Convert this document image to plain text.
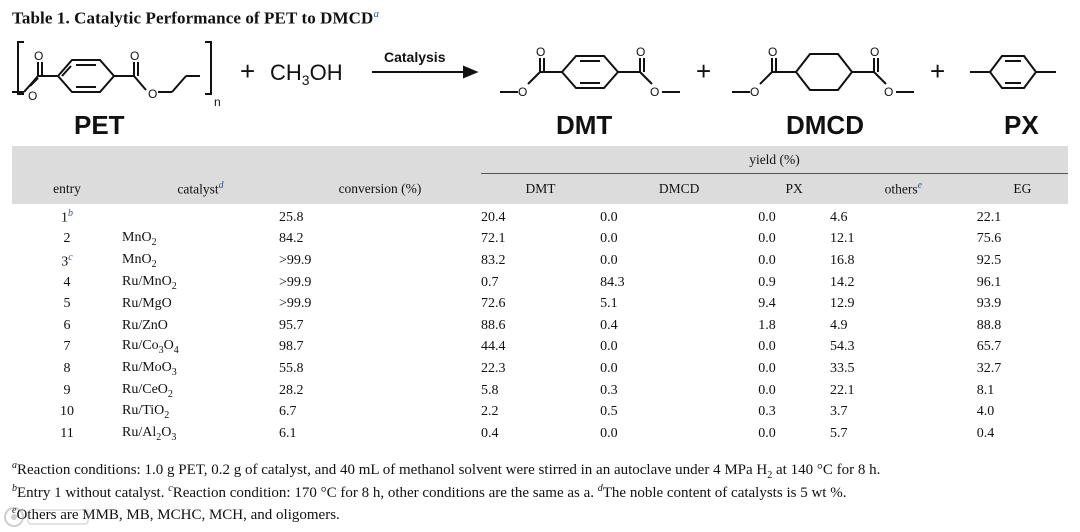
Table 1. Catalytic Performance of PET to DMCD$^a$
O
O
O
O
n
PET
+ $CH_3OH$
Catalysis	O
O
O
O
DMT
+
O
O
O
O
DMCD
+
PX
			yield (%)				
entry	catalyst$^d$	conversion (%)	DMT	DMCD	PX	others$^e$	EG
1$^b$		25.8	20.4	0.0	0.0	4.6	22.1
2	MnO$_2$	84.2	72.1	0.0	0.0	12.1	75.6
3$^c$	MnO$_2$	>99.9	83.2	0.0	0.0	16.8	92.5
4	Ru/MnO$_2$	>99.9	0.7	84.3	0.9	14.2	96.1
5	Ru/MgO	>99.9	72.6	5.1	9.4	12.9	93.9
6	Ru/ZnO	95.7	88.6	0.4	1.8	4.9	88.8
7	$Ru/Co_3O_4$	98.7	44.4	0.0	0.0	54.3	65.7
8	Ru/MoO$_3$	55.8	22.3	0.0	0.0	33.5	32.7
9	Ru/CeO$_2$	28.2	5.8	0.3	0.0	22.1	8.1
10	Ru/TiO$_2$	6.7	2.2	0.5	0.3	3.7	4.0
11	$Ru/Al_2O_3$	6.1	0.4	0.0	0.0	5.7	0.4
$^a$Reaction conditions: 1.0 g PET, 0.2 g of catalyst, and 40 mL of methanol solvent were stirred in an autoclave under 4 MPa $H_2$ at 140 °C for 8 h.
$^b$Entry 1 without catalyst. $^c$Reaction condition: 170 °C for 8 h, other conditions are the same as a. $^d$The noble content of catalysts is 5 wt %.
$^e$Others are MMB, MB, MCHC, MCH, and oligomers.
